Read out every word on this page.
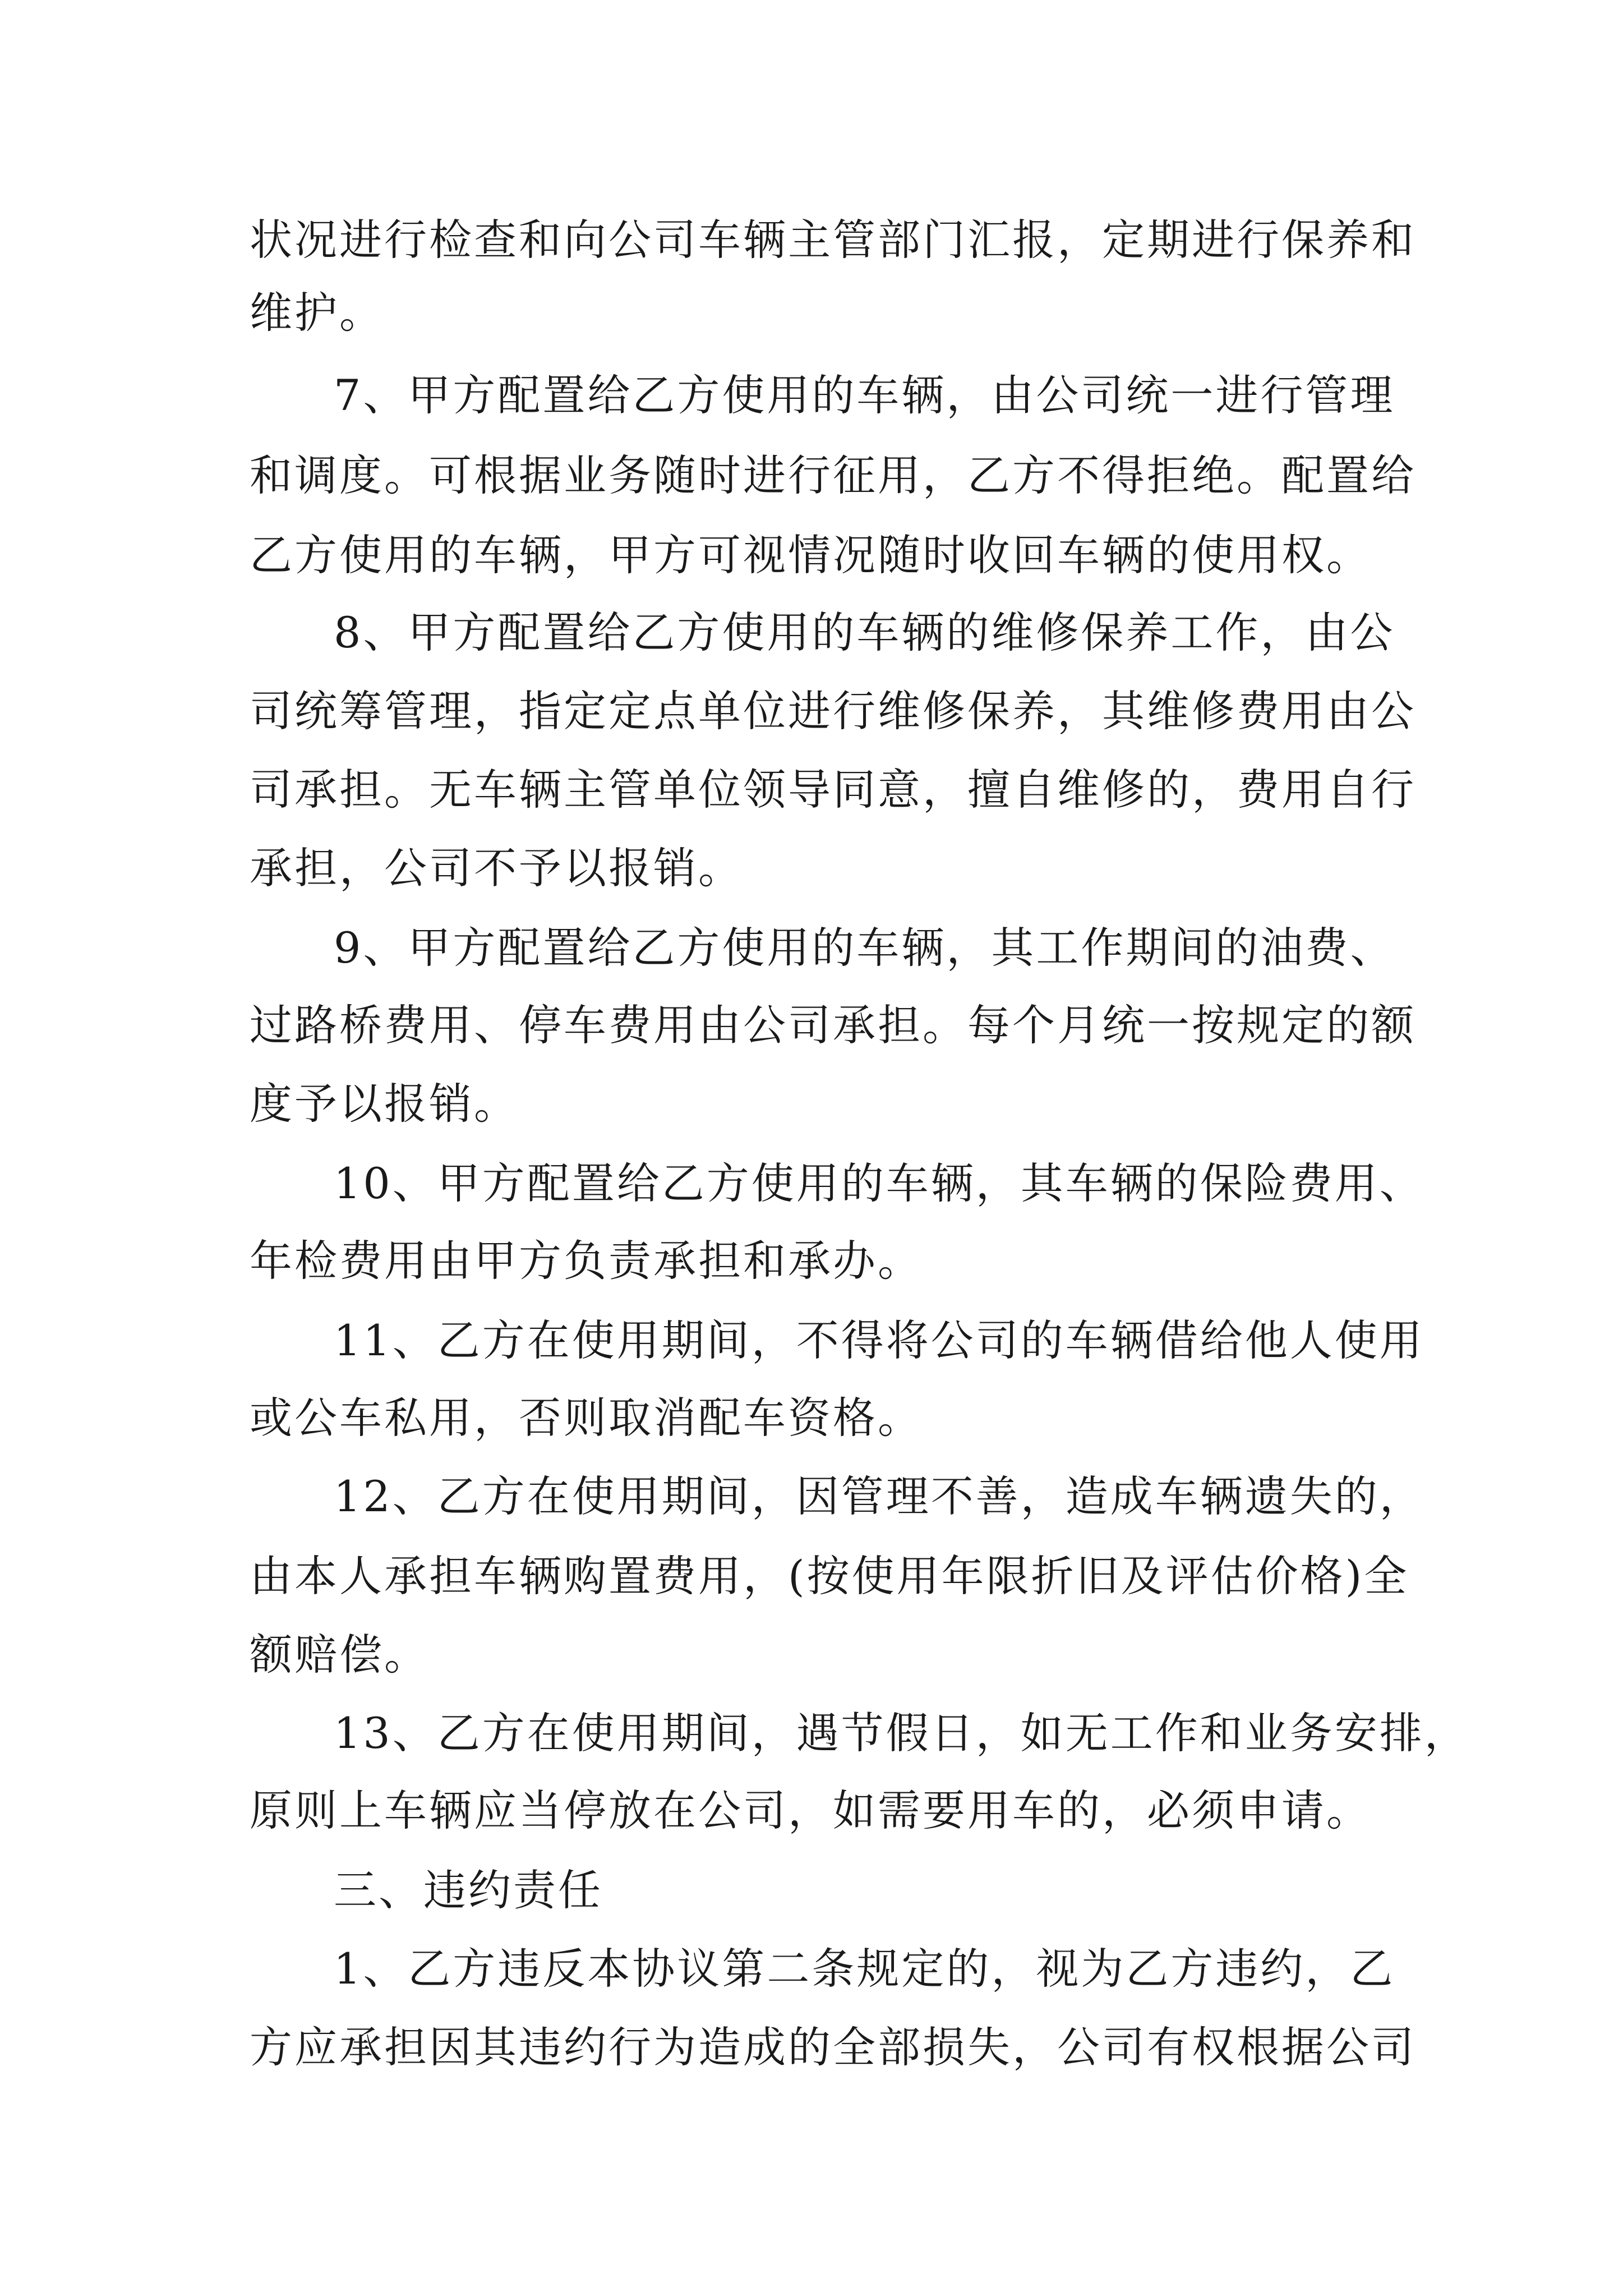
状况进行检查和向公司车辆主管部门汇报，定期进行保养和
维护。
7、甲方配置给乙方使用的车辆，由公司统一进行管理
和调度。可根据业务随时进行征用，乙方不得拒绝。配置给
乙方使用的车辆，甲方可视情况随时收回车辆的使用权。
8、甲方配置给乙方使用的车辆的维修保养工作，由公
司统筹管理，指定定点单位进行维修保养，其维修费用由公
司承担。无车辆主管单位领导同意，擅自维修的，费用自行
承担，公司不予以报销。
9、甲方配置给乙方使用的车辆，其工作期间的油费、
过路桥费用、停车费用由公司承担。每个月统一按规定的额
度予以报销。
10、甲方配置给乙方使用的车辆，其车辆的保险费用、
年检费用由甲方负责承担和承办。
11、乙方在使用期间，不得将公司的车辆借给他人使用
或公车私用，否则取消配车资格。
12、乙方在使用期间，因管理不善，造成车辆遗失的，
由本人承担车辆购置费用，(按使用年限折旧及评估价格)全
额赔偿。
13、乙方在使用期间，遇节假日，如无工作和业务安排，
原则上车辆应当停放在公司，如需要用车的，必须申请。
三、违约责任
1、乙方违反本协议第二条规定的，视为乙方违约，乙
方应承担因其违约行为造成的全部损失，公司有权根据公司
